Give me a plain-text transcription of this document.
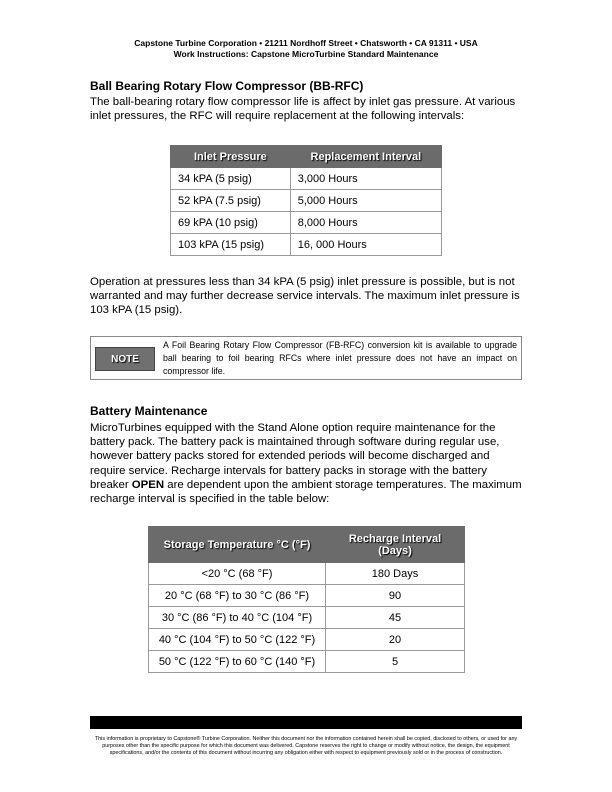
Capstone Turbine Corporation • 21211 Nordhoff Street • Chatsworth • CA 91311 • USA
Work Instructions: Capstone MicroTurbine Standard Maintenance
Ball Bearing Rotary Flow Compressor (BB-RFC)

The ball-bearing rotary flow compressor life is affect by inlet gas pressure. At various inlet pressures, the RFC will require replacement at the following intervals:

Inlet Pressure	Replacement Interval
34 kPA (5 psig)	3,000 Hours
52 kPA (7.5 psig)	5,000 Hours
69 kPA (10 psig)	8,000 Hours
103 kPA (15 psig)	16, 000 Hours

Operation at pressures less than 34 kPA (5 psig) inlet pressure is possible, but is not warranted and may further decrease service intervals. The maximum inlet pressure is 103 kPA (15 psig).

NOTE

A Foil Bearing Rotary Flow Compressor (FB-RFC) conversion kit is available to upgrade ball bearing to foil bearing RFCs where inlet pressure does not have an impact on compressor life.

Battery Maintenance

MicroTurbines equipped with the Stand Alone option require maintenance for the battery pack. The battery pack is maintained through software during regular use, however battery packs stored for extended periods will become discharged and require service. Recharge intervals for battery packs in storage with the battery breaker OPEN are dependent upon the ambient storage temperatures. The maximum recharge interval is specified in the table below:

Storage Temperature °C (°F)	Recharge Interval (Days)
<20 °C (68 °F)	180 Days
20 °C (68 °F) to 30 °C (86 °F)	90
30 °C (86 °F) to 40 °C (104 °F)	45
40 °C (104 °F) to 50 °C (122 °F)	20
50 °C (122 °F) to 60 °C (140 °F)	5
440000-001rA (April 2002)	Page 4 of 5

This information is proprietary to Capstone® Turbine Corporation. Neither this document nor the information contained herein shall be copied, disclosed to others, or used for any purposes other than the specific purpose for which this document was delivered. Capstone reserves the right to change or modify without notice, the design, the equipment specifications, and/or the contents of this document without incurring any obligation either with respect to equipment previously sold or in the process of construction.
